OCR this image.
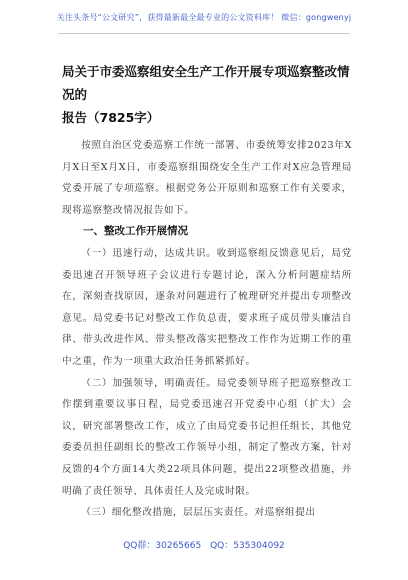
关注头条号“公文研究”，获得最新最全最专业的公文资料库！ 微信：gongwenyj

局关于市委巡察组安全生产工作开展专项巡察整改情况的

报告（7825字）

按照自治区党委巡察工作统一部署、市委统筹安排2023年X月X日至X月X日，市委巡察组围绕安全生产工作对X应急管理局党委开展了专项巡察。根据党务公开原则和巡察工作有关要求，现将巡察整改情况报告如下。

一、整改工作开展情况

（一）迅速行动，达成共识。收到巡察组反馈意见后，局党委迅速召开领导班子会议进行专题讨论，深入分析问题症结所在，深刻查找原因，逐条对问题进行了梳理研究并提出专项整改意见。局党委书记对整改工作负总责，要求班子成员带头廉洁自律、带头改进作风、带头整改落实把整改工作作为近期工作的重中之重，作为一项重大政治任务抓紧抓好。

（二）加强领导，明确责任。局党委领导班子把巡察整改工作摆到重要议事日程，局党委迅速召开党委中心组（扩大）会议，研究部署整改工作，成立了由局党委书记担任组长，其他党委委员担任副组长的整改工作领导小组，制定了整改方案，针对反馈的4个方面14大类22项具体问题，提出22项整改措施，并明确了责任领导、具体责任人及完成时限。

（三）细化整改措施，层层压实责任。对巡察组提出

QQ群：30265665 QQ：535304092
